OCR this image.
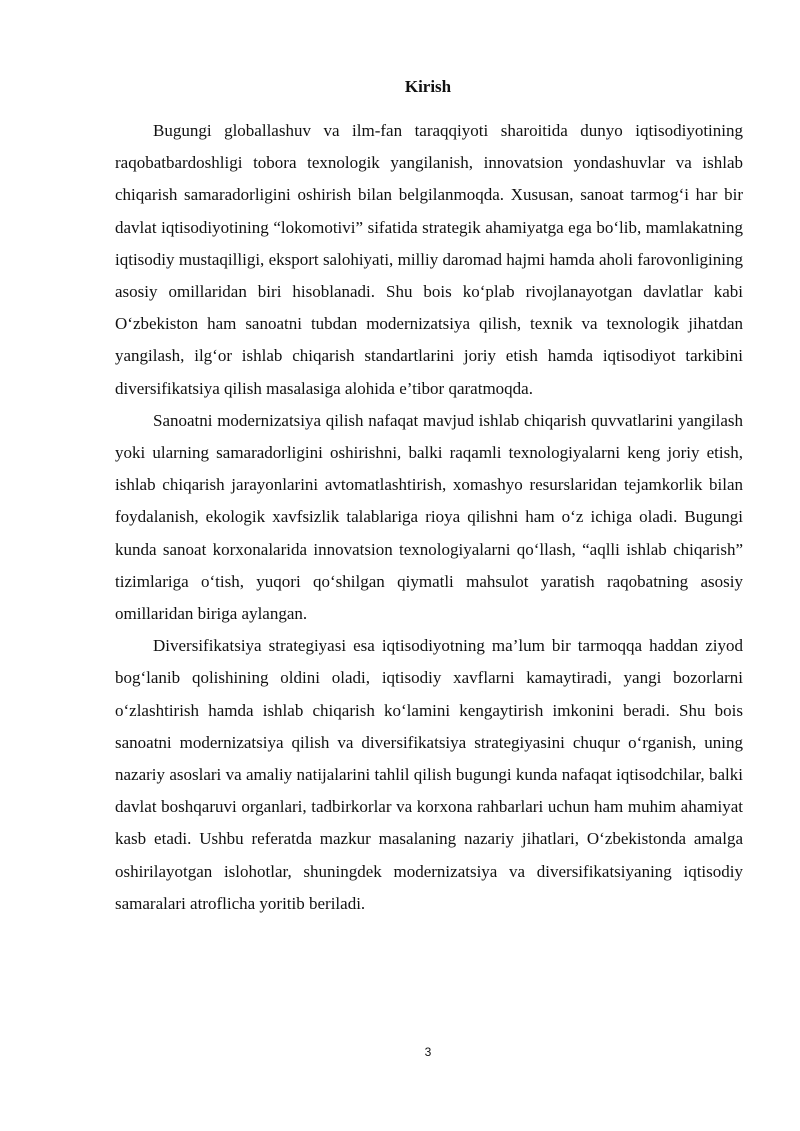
Kirish

Bugungi globallashuv va ilm-fan taraqqiyoti sharoitida dunyo iqtisodiyotining raqobatbardoshligi tobora texnologik yangilanish, innovatsion yondashuvlar va ishlab chiqarish samaradorligini oshirish bilan belgilanmoqda. Xususan, sanoat tarmog‘i har bir davlat iqtisodiyotining “lokomotivi” sifatida strategik ahamiyatga ega bo‘lib, mamlakatning iqtisodiy mustaqilligi, eksport salohiyati, milliy daromad hajmi hamda aholi farovonligining asosiy omillaridan biri hisoblanadi. Shu bois ko‘plab rivojlanayotgan davlatlar kabi O‘zbekiston ham sanoatni tubdan modernizatsiya qilish, texnik va texnologik jihatdan yangilash, ilg‘or ishlab chiqarish standartlarini joriy etish hamda iqtisodiyot tarkibini diversifikatsiya qilish masalasiga alohida e’tibor qaratmoqda.

Sanoatni modernizatsiya qilish nafaqat mavjud ishlab chiqarish quvvatlarini yangilash yoki ularning samaradorligini oshirishni, balki raqamli texnologiyalarni keng joriy etish, ishlab chiqarish jarayonlarini avtomatlashtirish, xomashyo resurslaridan tejamkorlik bilan foydalanish, ekologik xavfsizlik talablariga rioya qilishni ham o‘z ichiga oladi. Bugungi kunda sanoat korxonalarida innovatsion texnologiyalarni qo‘llash, “aqlli ishlab chiqarish” tizimlariga o‘tish, yuqori qo‘shilgan qiymatli mahsulot yaratish raqobatning asosiy omillaridan biriga aylangan.

Diversifikatsiya strategiyasi esa iqtisodiyotning ma’lum bir tarmoqqa haddan ziyod bog‘lanib qolishining oldini oladi, iqtisodiy xavflarni kamaytiradi, yangi bozorlarni o‘zlashtirish hamda ishlab chiqarish ko‘lamini kengaytirish imkonini beradi. Shu bois sanoatni modernizatsiya qilish va diversifikatsiya strategiyasini chuqur o‘rganish, uning nazariy asoslari va amaliy natijalarini tahlil qilish bugungi kunda nafaqat iqtisodchilar, balki davlat boshqaruvi organlari, tadbirkorlar va korxona rahbarlari uchun ham muhim ahamiyat kasb etadi. Ushbu referatda mazkur masalaning nazariy jihatlari, O‘zbekistonda amalga oshirilayotgan islohotlar, shuningdek modernizatsiya va diversifikatsiyaning iqtisodiy samaralari atroflicha yoritib beriladi.

3
